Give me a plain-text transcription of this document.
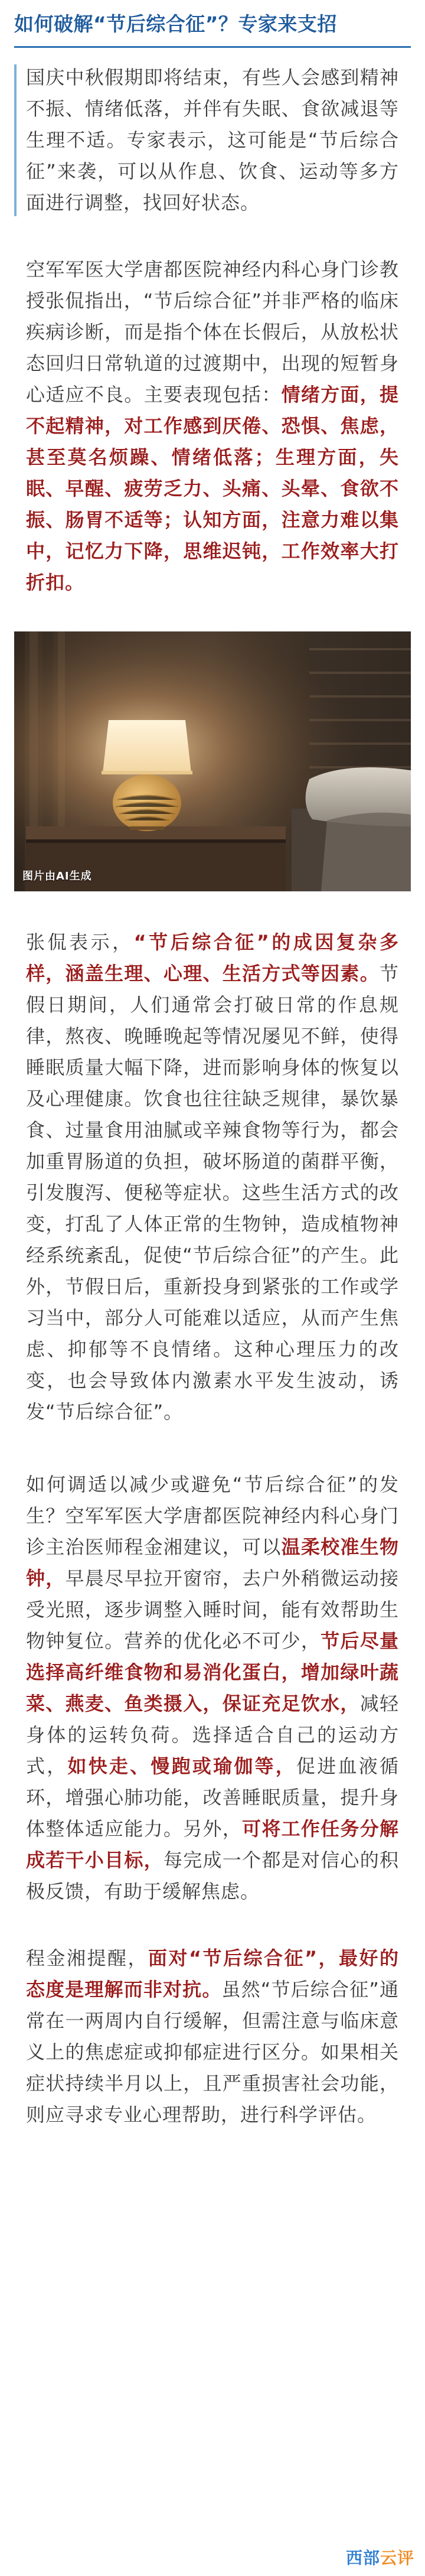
如何破解“节后综合征”？专家来支招

国庆中秋假期即将结束，有些人会感到精神不振、情绪低落，并伴有失眠、食欲减退等生理不适。专家表示，这可能是“节后综合征”来袭，可以从作息、饮食、运动等多方面进行调整，找回好状态。

空军军医大学唐都医院神经内科心身门诊教授张侃指出，“节后综合征”并非严格的临床疾病诊断，而是指个体在长假后，从放松状态回归日常轨道的过渡期中，出现的短暂身心适应不良。主要表现包括：情绪方面，提不起精神，对工作感到厌倦、恐惧、焦虑，甚至莫名烦躁、情绪低落；生理方面，失眠、早醒、疲劳乏力、头痛、头晕、食欲不振、肠胃不适等；认知方面，注意力难以集中，记忆力下降，思维迟钝，工作效率大打折扣。

图片由AI生成

张侃表示，“节后综合征”的成因复杂多样，涵盖生理、心理、生活方式等因素。节假日期间，人们通常会打破日常的作息规律，熬夜、晚睡晚起等情况屡见不鲜，使得睡眠质量大幅下降，进而影响身体的恢复以及心理健康。饮食也往往缺乏规律，暴饮暴食、过量食用油腻或辛辣食物等行为，都会加重胃肠道的负担，破坏肠道的菌群平衡，引发腹泻、便秘等症状。这些生活方式的改变，打乱了人体正常的生物钟，造成植物神经系统紊乱，促使“节后综合征”的产生。此外，节假日后，重新投身到紧张的工作或学习当中，部分人可能难以适应，从而产生焦虑、抑郁等不良情绪。这种心理压力的改变，也会导致体内激素水平发生波动，诱发“节后综合征”。

如何调适以减少或避免“节后综合征”的发生？空军军医大学唐都医院神经内科心身门诊主治医师程金湘建议，可以温柔校准生物钟，早晨尽早拉开窗帘，去户外稍微运动接受光照，逐步调整入睡时间，能有效帮助生物钟复位。营养的优化必不可少，节后尽量选择高纤维食物和易消化蛋白，增加绿叶蔬菜、燕麦、鱼类摄入，保证充足饮水，减轻身体的运转负荷。选择适合自己的运动方式，如快走、慢跑或瑜伽等，促进血液循环，增强心肺功能，改善睡眠质量，提升身体整体适应能力。另外，可将工作任务分解成若干小目标，每完成一个都是对信心的积极反馈，有助于缓解焦虑。

程金湘提醒，面对“节后综合征”，最好的态度是理解而非对抗。虽然“节后综合征”通常在一两周内自行缓解，但需注意与临床意义上的焦虑症或抑郁症进行区分。如果相关症状持续半月以上，且严重损害社会功能，则应寻求专业心理帮助，进行科学评估。

西部云评
